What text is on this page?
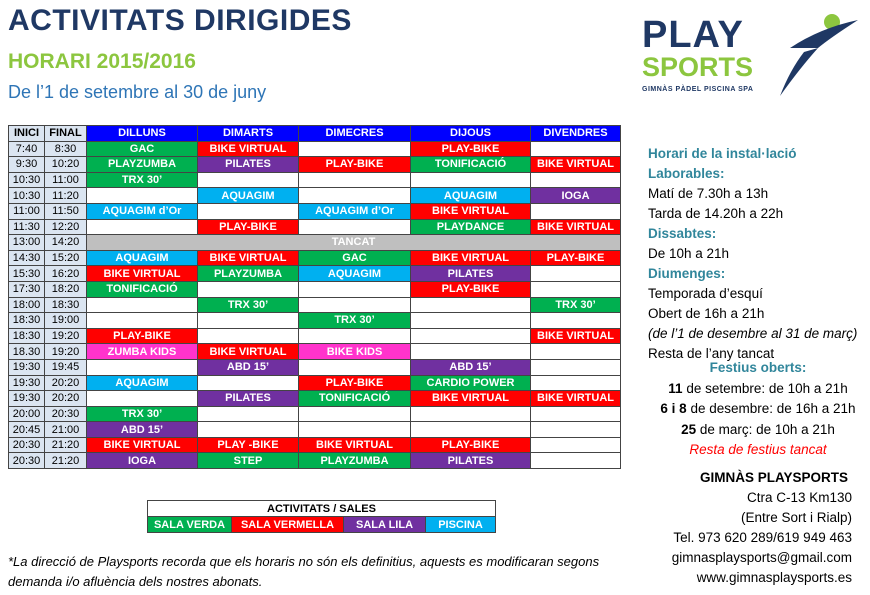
ACTIVITATS DIRIGIDES
HORARI 2015/2016
De l’1 de setembre al 30 de juny
PLAY
SPORTS
GIMNÀS PÀDEL PISCINA SPA
INICI	FINAL	DILLUNS	DIMARTS	DIMECRES	DIJOUS	DIVENDRES
7:40	8:30	GAC	BIKE VIRTUAL		PLAY-BIKE	
9:30	10:20	PLAYZUMBA	PILATES	PLAY-BIKE	TONIFICACIÓ	BIKE VIRTUAL
10:30	11:00	TRX 30’				
10:30	11:20		AQUAGIM		AQUAGIM	IOGA
11:00	11:50	AQUAGIM d’Or		AQUAGIM d’Or	BIKE VIRTUAL	
11:30	12:20		PLAY-BIKE		PLAYDANCE	BIKE VIRTUAL
13:00	14:20	TANCAT				
14:30	15:20	AQUAGIM	BIKE VIRTUAL	GAC	BIKE VIRTUAL	PLAY-BIKE
15:30	16:20	BIKE VIRTUAL	PLAYZUMBA	AQUAGIM	PILATES	
17:30	18:20	TONIFICACIÓ			PLAY-BIKE	
18:00	18:30		TRX 30’			TRX 30’
18:30	19:00			TRX 30’		
18:30	19:20	PLAY-BIKE				BIKE VIRTUAL
18.30	19:20	ZUMBA KIDS	BIKE VIRTUAL	BIKE KIDS		
19:30	19:45		ABD 15’		ABD 15’	
19:30	20:20	AQUAGIM		PLAY-BIKE	CARDIO POWER	
19:30	20:20		PILATES	TONIFICACIÓ	BIKE VIRTUAL	BIKE VIRTUAL
20:00	20:30	TRX 30’				
20:45	21:00	ABD 15’				
20:30	21:20	BIKE VIRTUAL	PLAY -BIKE	BIKE VIRTUAL	PLAY-BIKE	
20:30	21:20	IOGA	STEP	PLAYZUMBA	PILATES	
ACTIVITATS / SALES
SALA VERDA	SALA VERMELLA	SALA LILA	PISCINA
*La direcció de Playsports recorda que els horaris no són els definitius, aquests es modificaran segons demanda i/o afluència dels nostres abonats.
Horari de la instal·lació
Laborables:
Matí de 7.30h a 13h
Tarda de 14.20h a 22h
Dissabtes:
De 10h a 21h
Diumenges:
Temporada d’esquí
Obert de 16h a 21h
(de l’1 de desembre al 31 de març)
Resta de l’any tancat
Festius oberts:
11 de setembre: de 10h a 21h
6 i 8 de desembre: de 16h a 21h
25 de març: de 10h a 21h
Resta de festius tancat
GIMNÀS PLAYSPORTS
Ctra C-13 Km130
(Entre Sort i Rialp)
Tel. 973 620 289/619 949 463
gimnasplaysports@gmail.com
www.gimnasplaysports.es
